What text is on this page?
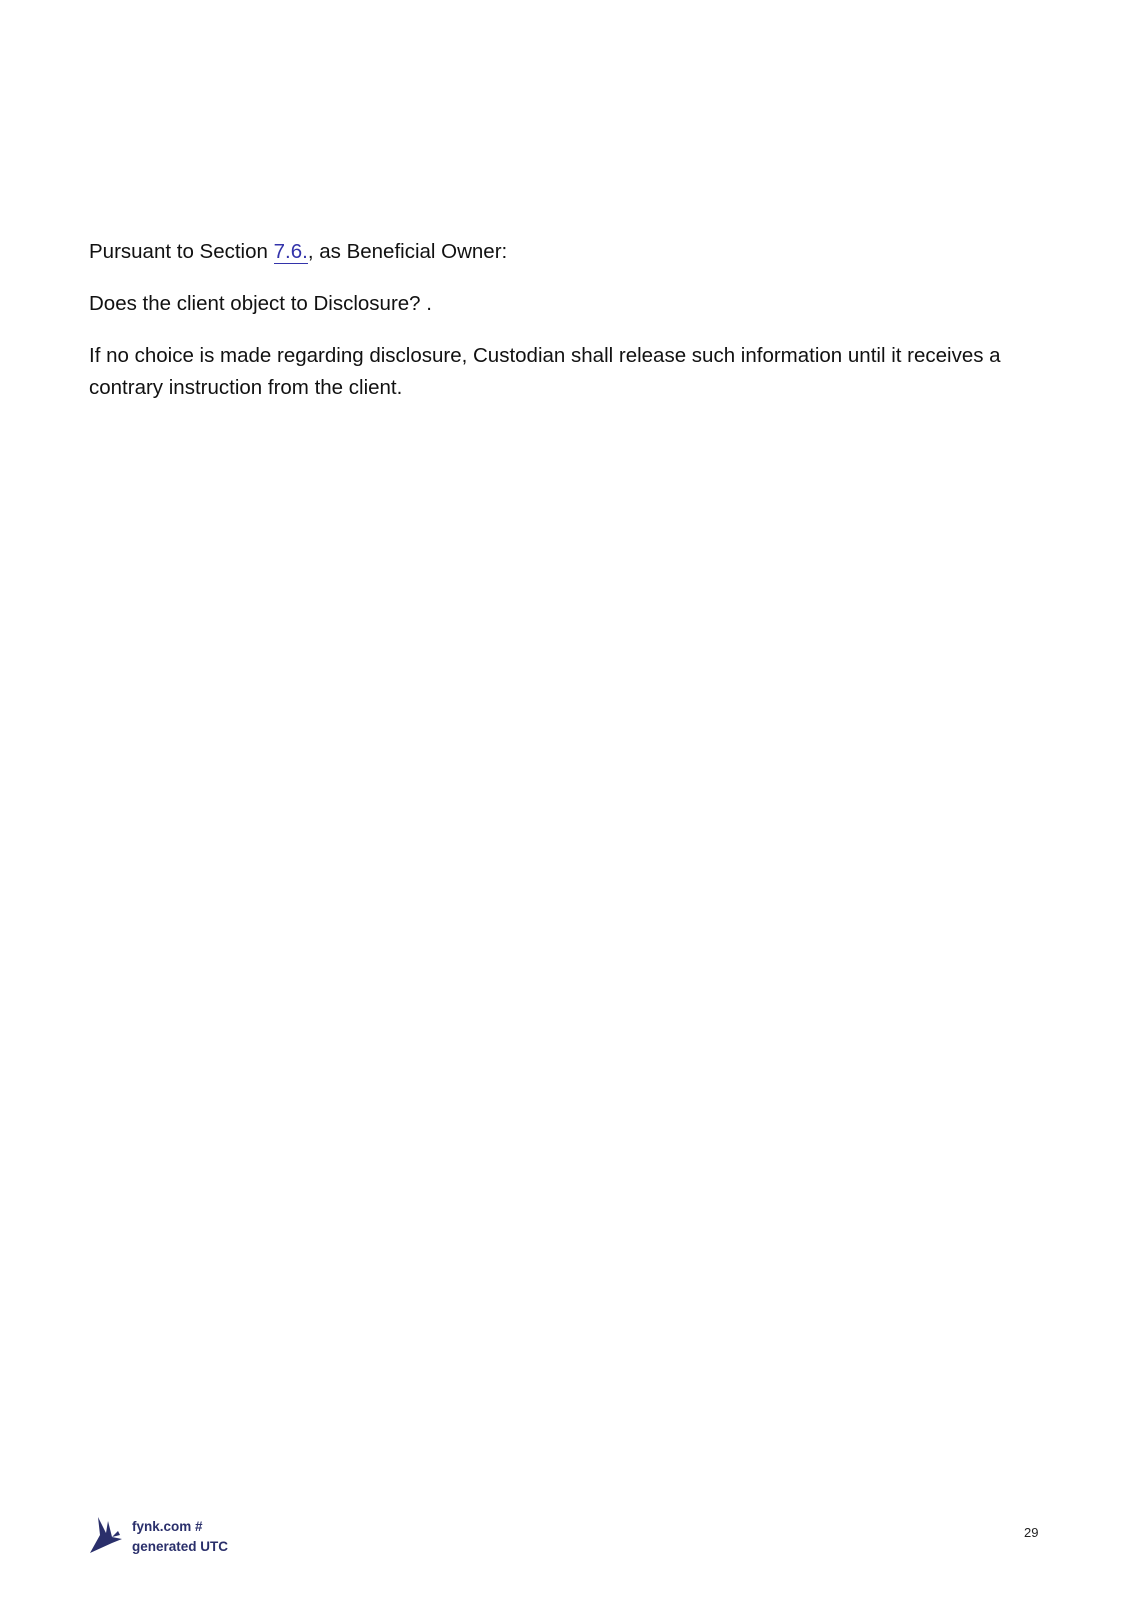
Pursuant to Section 7.6., as Beneficial Owner:

Does the client object to Disclosure? .

If no choice is made regarding disclosure, Custodian shall release such information until it receives a contrary instruction from the client.

fynk.com #
generated UTC
29
